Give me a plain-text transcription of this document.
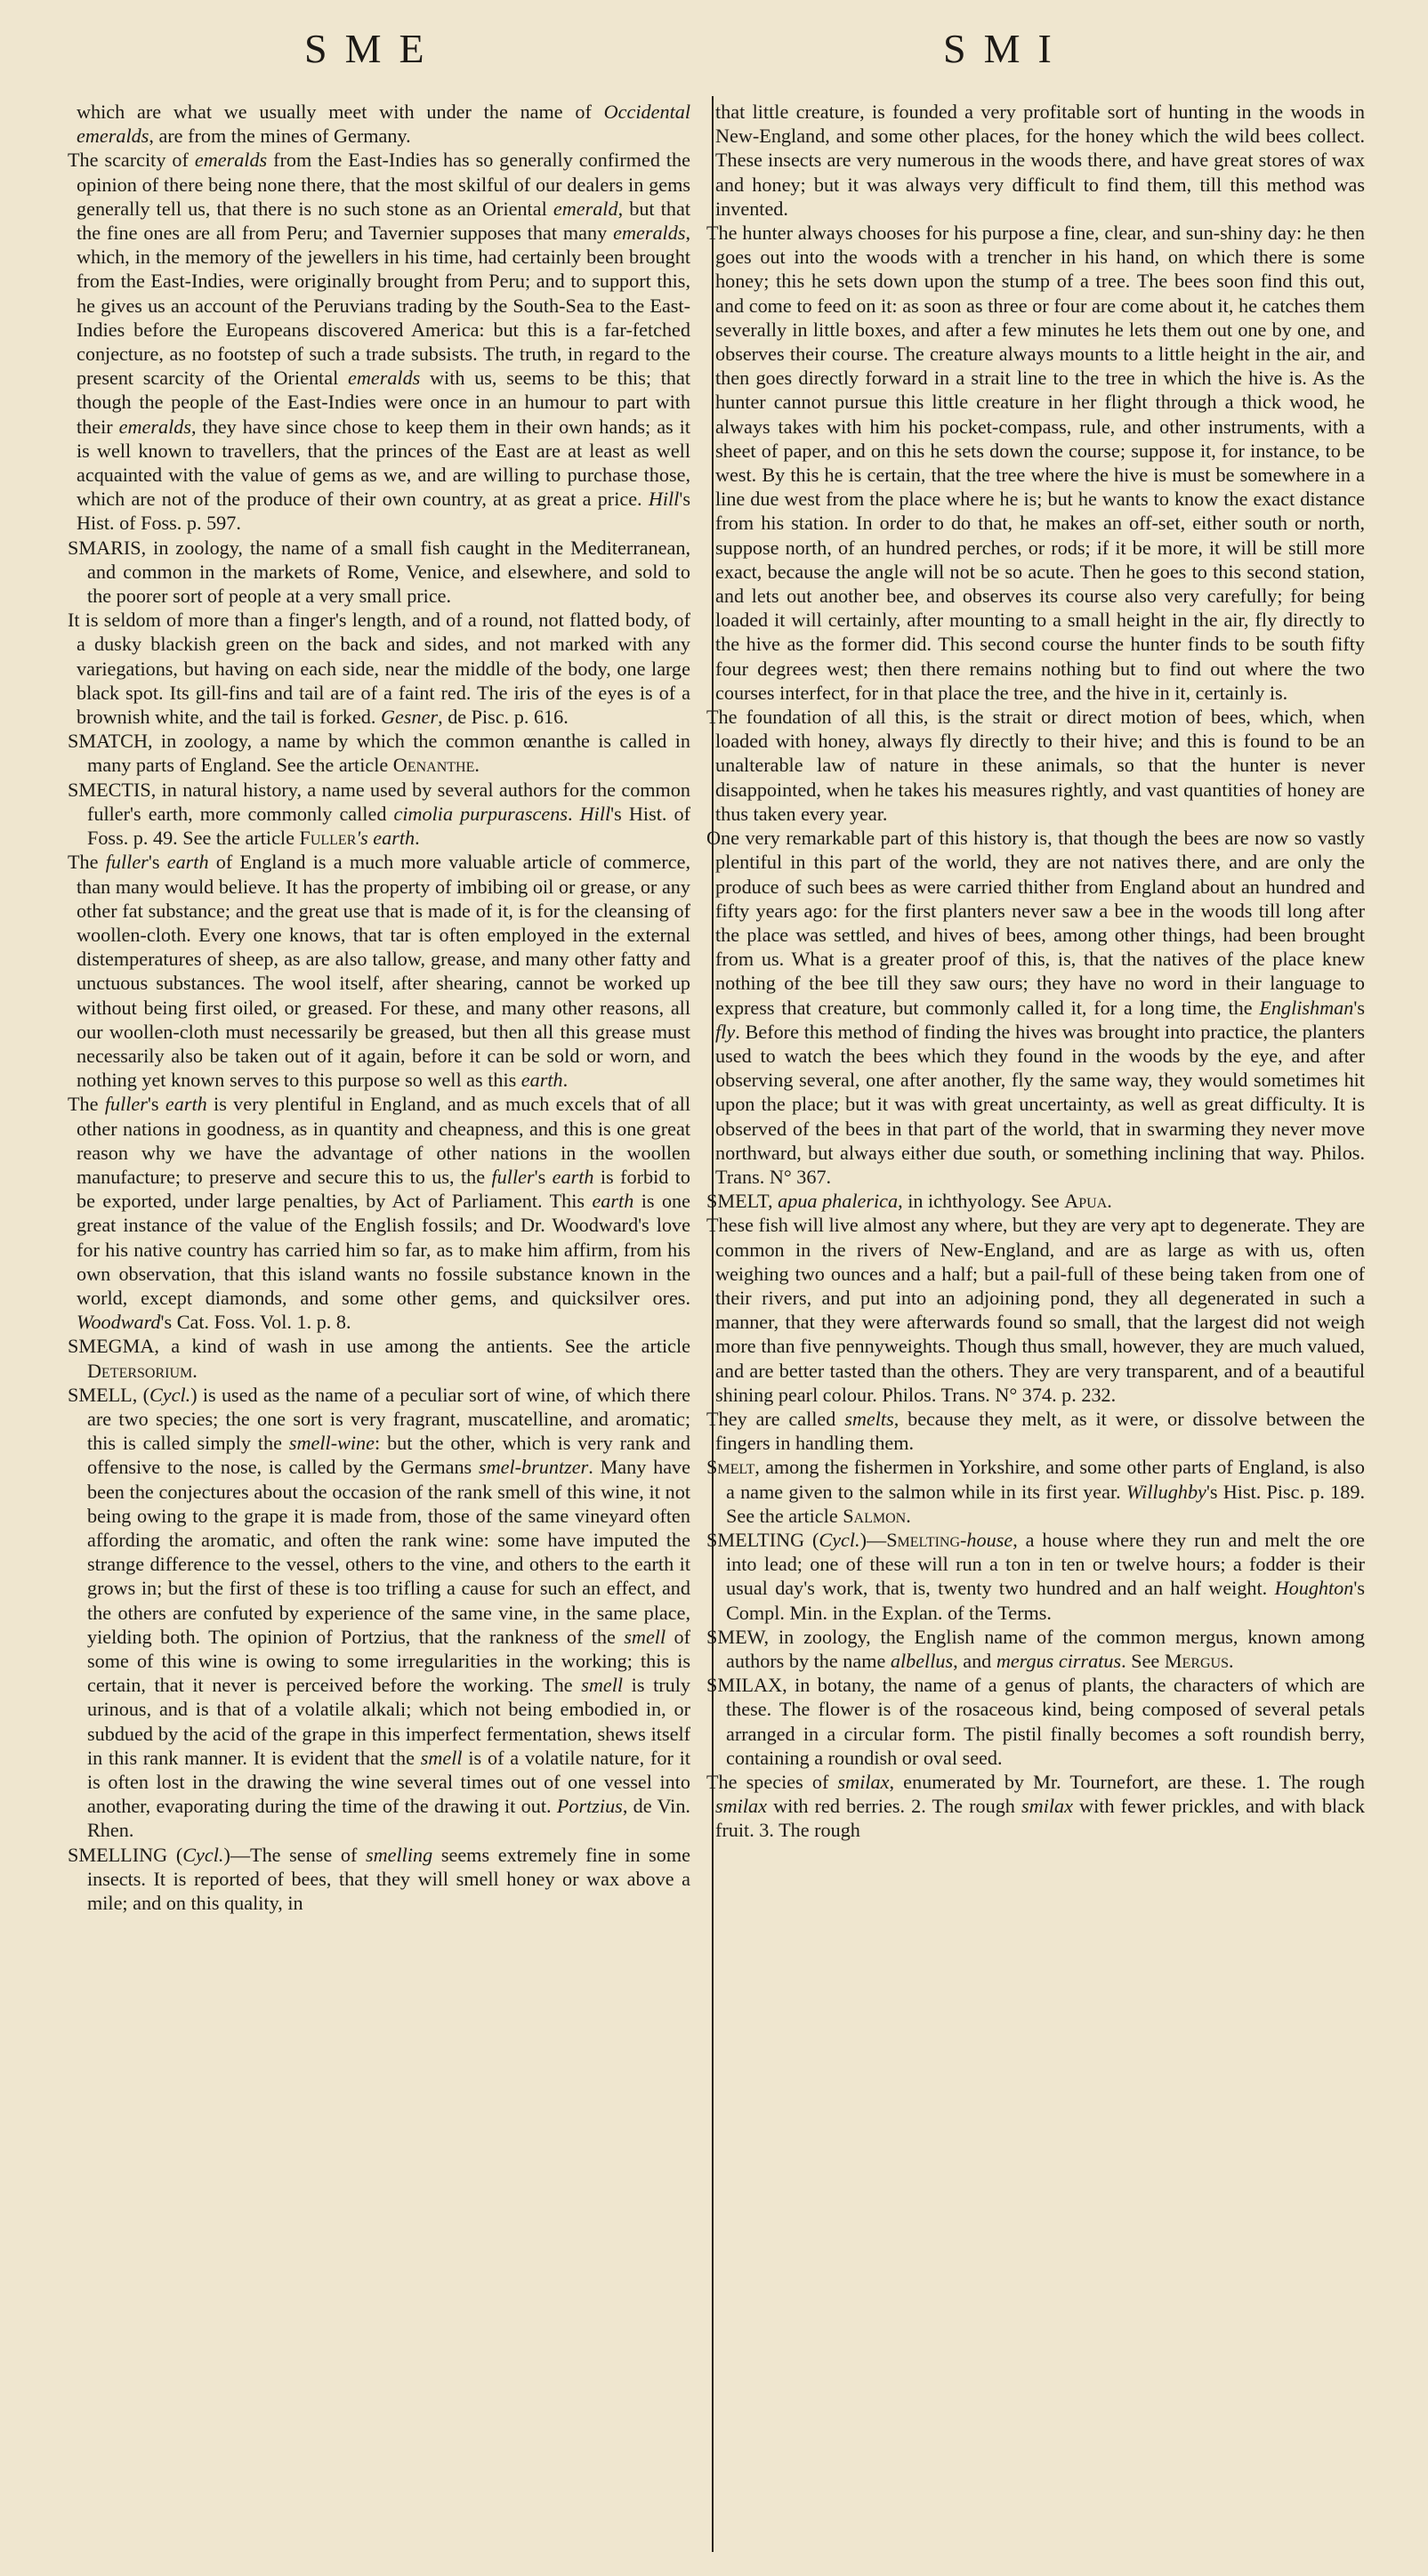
SME	SMI

which are what we usually meet with under the name of Occidental emeralds, are from the mines of Germany.

The scarcity of emeralds from the East-Indies has so generally confirmed the opinion of there being none there, that the most skilful of our dealers in gems generally tell us, that there is no such stone as an Oriental emerald, but that the fine ones are all from Peru; and Tavernier supposes that many emeralds, which, in the memory of the jewellers in his time, had certainly been brought from the East-Indies, were originally brought from Peru; and to support this, he gives us an account of the Peruvians trading by the South-Sea to the East-Indies before the Europeans discovered America: but this is a far-fetched conjecture, as no footstep of such a trade subsists. The truth, in regard to the present scarcity of the Oriental emeralds with us, seems to be this; that though the people of the East-Indies were once in an humour to part with their emeralds, they have since chose to keep them in their own hands; as it is well known to travellers, that the princes of the East are at least as well acquainted with the value of gems as we, and are willing to purchase those, which are not of the produce of their own country, at as great a price. Hill's Hist. of Foss. p. 597.

SMARIS, in zoology, the name of a small fish caught in the Mediterranean, and common in the markets of Rome, Venice, and elsewhere, and sold to the poorer sort of people at a very small price.

It is seldom of more than a finger's length, and of a round, not flatted body, of a dusky blackish green on the back and sides, and not marked with any variegations, but having on each side, near the middle of the body, one large black spot. Its gill-fins and tail are of a faint red. The iris of the eyes is of a brownish white, and the tail is forked. Gesner, de Pisc. p. 616.

SMATCH, in zoology, a name by which the common œnanthe is called in many parts of England. See the article Oenanthe.

SMECTIS, in natural history, a name used by several authors for the common fuller's earth, more commonly called cimolia purpurascens. Hill's Hist. of Foss. p. 49. See the article Fuller's earth.

The fuller's earth of England is a much more valuable article of commerce, than many would believe. It has the property of imbibing oil or grease, or any other fat substance; and the great use that is made of it, is for the cleansing of woollen-cloth. Every one knows, that tar is often employed in the external distemperatures of sheep, as are also tallow, grease, and many other fatty and unctuous substances. The wool itself, after shearing, cannot be worked up without being first oiled, or greased. For these, and many other reasons, all our woollen-cloth must necessarily be greased, but then all this grease must necessarily also be taken out of it again, before it can be sold or worn, and nothing yet known serves to this purpose so well as this earth.

The fuller's earth is very plentiful in England, and as much excels that of all other nations in goodness, as in quantity and cheapness, and this is one great reason why we have the advantage of other nations in the woollen manufacture; to preserve and secure this to us, the fuller's earth is forbid to be exported, under large penalties, by Act of Parliament. This earth is one great instance of the value of the English fossils; and Dr. Woodward's love for his native country has carried him so far, as to make him affirm, from his own observation, that this island wants no fossile substance known in the world, except diamonds, and some other gems, and quicksilver ores. Woodward's Cat. Foss. Vol. 1. p. 8.

SMEGMA, a kind of wash in use among the antients. See the article Detersorium.

SMELL, (Cycl.) is used as the name of a peculiar sort of wine, of which there are two species; the one sort is very fragrant, muscatelline, and aromatic; this is called simply the smell-wine: but the other, which is very rank and offensive to the nose, is called by the Germans smel-bruntzer. Many have been the conjectures about the occasion of the rank smell of this wine, it not being owing to the grape it is made from, those of the same vineyard often affording the aromatic, and often the rank wine: some have imputed the strange difference to the vessel, others to the vine, and others to the earth it grows in; but the first of these is too trifling a cause for such an effect, and the others are confuted by experience of the same vine, in the same place, yielding both. The opinion of Portzius, that the rankness of the smell of some of this wine is owing to some irregularities in the working; this is certain, that it never is perceived before the working. The smell is truly urinous, and is that of a volatile alkali; which not being embodied in, or subdued by the acid of the grape in this imperfect fermentation, shews itself in this rank manner. It is evident that the smell is of a volatile nature, for it is often lost in the drawing the wine several times out of one vessel into another, evaporating during the time of the drawing it out. Portzius, de Vin. Rhen.

SMELLING (Cycl.)—The sense of smelling seems extremely fine in some insects. It is reported of bees, that they will smell honey or wax above a mile; and on this quality, in

that little creature, is founded a very profitable sort of hunting in the woods in New-England, and some other places, for the honey which the wild bees collect. These insects are very numerous in the woods there, and have great stores of wax and honey; but it was always very difficult to find them, till this method was invented.

The hunter always chooses for his purpose a fine, clear, and sun-shiny day: he then goes out into the woods with a trencher in his hand, on which there is some honey; this he sets down upon the stump of a tree. The bees soon find this out, and come to feed on it: as soon as three or four are come about it, he catches them severally in little boxes, and after a few minutes he lets them out one by one, and observes their course. The creature always mounts to a little height in the air, and then goes directly forward in a strait line to the tree in which the hive is. As the hunter cannot pursue this little creature in her flight through a thick wood, he always takes with him his pocket-compass, rule, and other instruments, with a sheet of paper, and on this he sets down the course; suppose it, for instance, to be west. By this he is certain, that the tree where the hive is must be somewhere in a line due west from the place where he is; but he wants to know the exact distance from his station. In order to do that, he makes an off-set, either south or north, suppose north, of an hundred perches, or rods; if it be more, it will be still more exact, because the angle will not be so acute. Then he goes to this second station, and lets out another bee, and observes its course also very carefully; for being loaded it will certainly, after mounting to a small height in the air, fly directly to the hive as the former did. This second course the hunter finds to be south fifty four degrees west; then there remains nothing but to find out where the two courses interfect, for in that place the tree, and the hive in it, certainly is.

The foundation of all this, is the strait or direct motion of bees, which, when loaded with honey, always fly directly to their hive; and this is found to be an unalterable law of nature in these animals, so that the hunter is never disappointed, when he takes his measures rightly, and vast quantities of honey are thus taken every year.

One very remarkable part of this history is, that though the bees are now so vastly plentiful in this part of the world, they are not natives there, and are only the produce of such bees as were carried thither from England about an hundred and fifty years ago: for the first planters never saw a bee in the woods till long after the place was settled, and hives of bees, among other things, had been brought from us. What is a greater proof of this, is, that the natives of the place knew nothing of the bee till they saw ours; they have no word in their language to express that creature, but commonly called it, for a long time, the Englishman's fly. Before this method of finding the hives was brought into practice, the planters used to watch the bees which they found in the woods by the eye, and after observing several, one after another, fly the same way, they would sometimes hit upon the place; but it was with great uncertainty, as well as great difficulty. It is observed of the bees in that part of the world, that in swarming they never move northward, but always either due south, or something inclining that way. Philos. Trans. N° 367.

SMELT, apua phalerica, in ichthyology. See Apua.

These fish will live almost any where, but they are very apt to degenerate. They are common in the rivers of New-England, and are as large as with us, often weighing two ounces and a half; but a pail-full of these being taken from one of their rivers, and put into an adjoining pond, they all degenerated in such a manner, that they were afterwards found so small, that the largest did not weigh more than five pennyweights. Though thus small, however, they are much valued, and are better tasted than the others. They are very transparent, and of a beautiful shining pearl colour. Philos. Trans. N° 374. p. 232.

They are called smelts, because they melt, as it were, or dissolve between the fingers in handling them.

Smelt, among the fishermen in Yorkshire, and some other parts of England, is also a name given to the salmon while in its first year. Willughby's Hist. Pisc. p. 189. See the article Salmon.

SMELTING (Cycl.)—Smelting-house, a house where they run and melt the ore into lead; one of these will run a ton in ten or twelve hours; a fodder is their usual day's work, that is, twenty two hundred and an half weight. Houghton's Compl. Min. in the Explan. of the Terms.

SMEW, in zoology, the English name of the common mergus, known among authors by the name albellus, and mergus cirratus. See Mergus.

SMILAX, in botany, the name of a genus of plants, the characters of which are these. The flower is of the rosaceous kind, being composed of several petals arranged in a circular form. The pistil finally becomes a soft roundish berry, containing a roundish or oval seed.

The species of smilax, enumerated by Mr. Tournefort, are these. 1. The rough smilax with red berries. 2. The rough smilax with fewer prickles, and with black fruit. 3. The rough
